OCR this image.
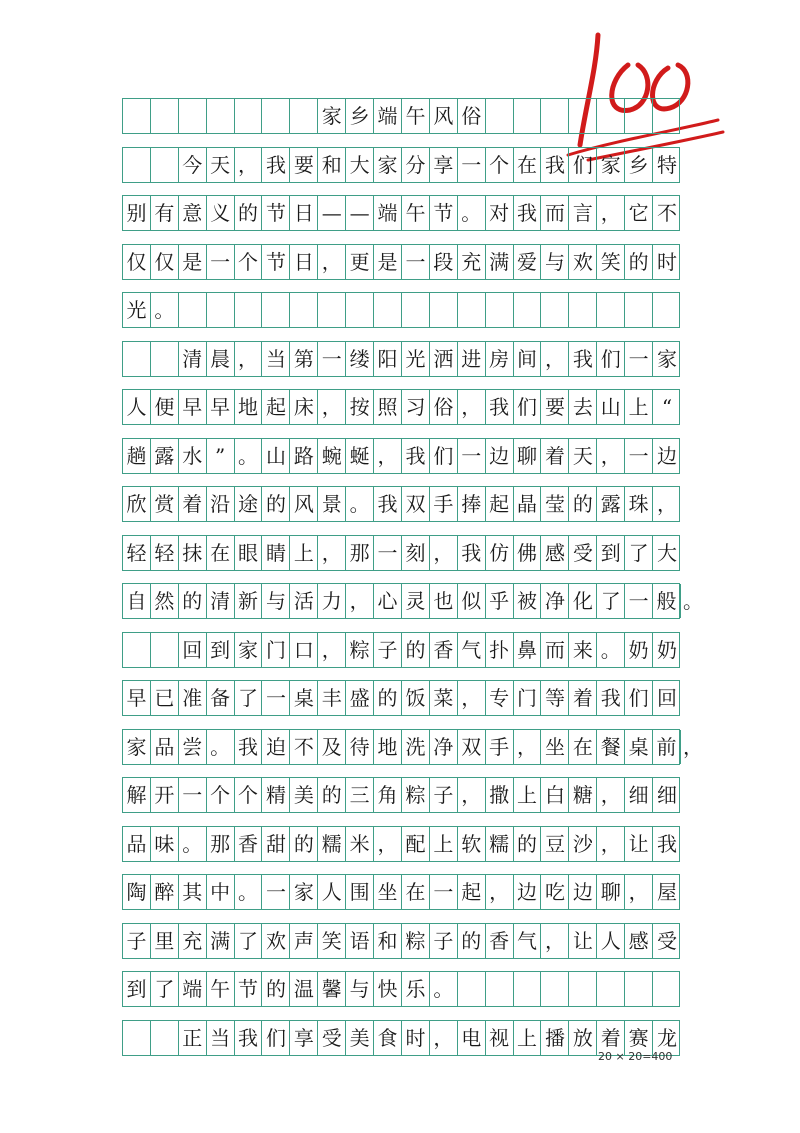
家 乡 端 午 风 俗
今 天 ， 我 要 和 大 家 分 享 一 个 在 我 们 家 乡 特
别 有 意 义 的 节 日 — — 端 午 节 。 对 我 而 言 ， 它 不
仅 仅 是 一 个 节 日 ， 更 是 一 段 充 满 爱 与 欢 笑 的 时
光 。
清 晨 ， 当 第 一 缕 阳 光 洒 进 房 间 ， 我 们 一 家
人 便 早 早 地 起 床 ， 按 照 习 俗 ， 我 们 要 去 山 上 “
趟 露 水 ” 。 山 路 蜿 蜒 ， 我 们 一 边 聊 着 天 ， 一 边
欣 赏 着 沿 途 的 风 景 。 我 双 手 捧 起 晶 莹 的 露 珠 ，
轻 轻 抹 在 眼 睛 上 ， 那 一 刻 ， 我 仿 佛 感 受 到 了 大
自 然 的 清 新 与 活 力 ， 心 灵 也 似 乎 被 净 化 了 一 般 。
回 到 家 门 口 ， 粽 子 的 香 气 扑 鼻 而 来 。 奶 奶
早 已 准 备 了 一 桌 丰 盛 的 饭 菜 ， 专 门 等 着 我 们 回
家 品 尝 。 我 迫 不 及 待 地 洗 净 双 手 ， 坐 在 餐 桌 前 ，
解 开 一 个 个 精 美 的 三 角 粽 子 ， 撒 上 白 糖 ， 细 细
品 味 。 那 香 甜 的 糯 米 ， 配 上 软 糯 的 豆 沙 ， 让 我
陶 醉 其 中 。 一 家 人 围 坐 在 一 起 ， 边 吃 边 聊 ， 屋
子 里 充 满 了 欢 声 笑 语 和 粽 子 的 香 气 ， 让 人 感 受
到 了 端 午 节 的 温 馨 与 快 乐 。
正 当 我 们 享 受 美 食 时 ， 电 视 上 播 放 着 赛 龙
20 × 20=400
